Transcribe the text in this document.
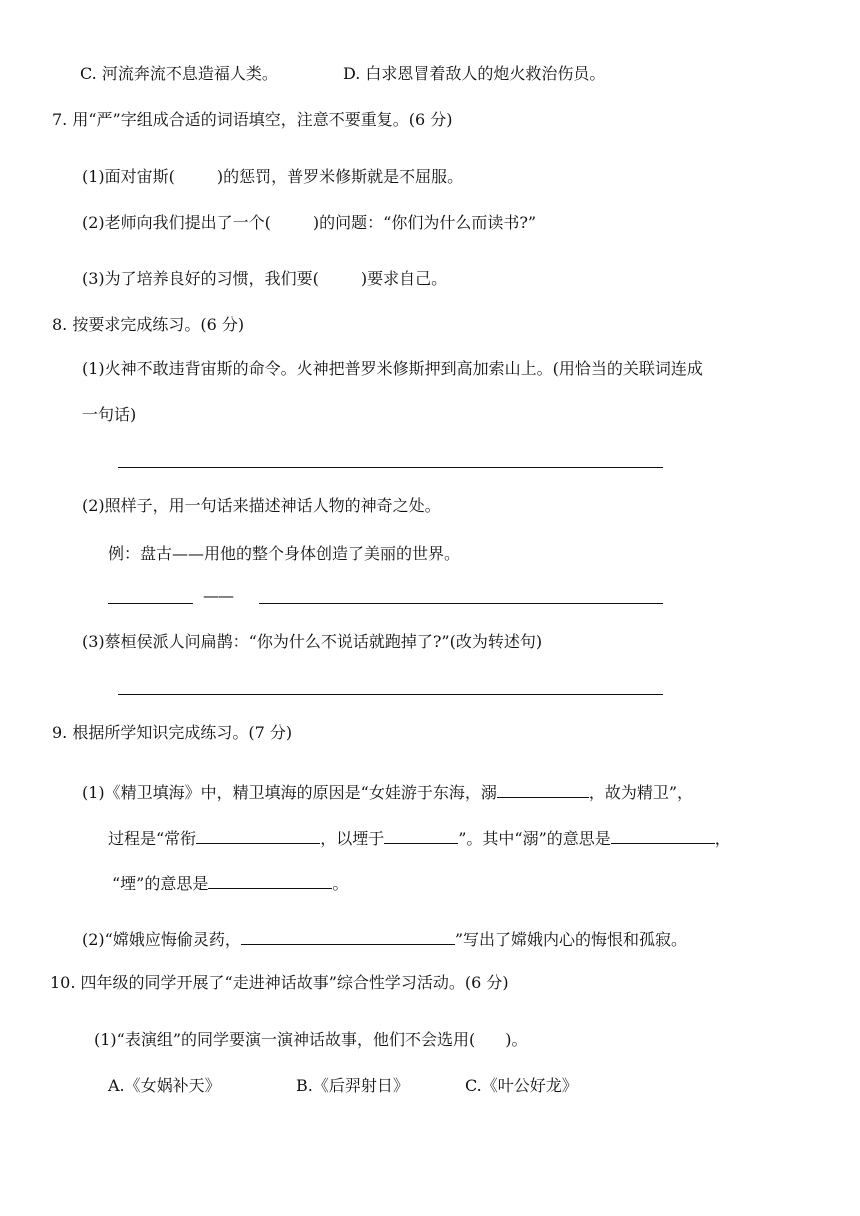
C. 河流奔流不息造福人类。	D. 白求恩冒着敌人的炮火救治伤员。
7. 用“严”字组成合适的词语填空，注意不要重复。(6 分)
(1)面对宙斯(	)的惩罚，普罗米修斯就是不屈服。
(2)老师向我们提出了一个(	)的问题：“你们为什么而读书?”
(3)为了培养良好的习惯，我们要(	)要求自己。
8. 按要求完成练习。(6 分)
(1)火神不敢违背宙斯的命令。火神把普罗米修斯押到高加索山上。(用恰当的关联词连成
一句话)
(2)照样子，用一句话来描述神话人物的神奇之处。
例：盘古——用他的整个身体创造了美丽的世界。
——
(3)蔡桓侯派人问扁鹊：“你为什么不说话就跑掉了?”(改为转述句)
9. 根据所学知识完成练习。(7 分)
(1)《精卫填海》中，精卫填海的原因是“女娃游于东海，溺	，故为精卫”，
过程是“常衔	，以堙于	”。其中“溺”的意思是	，
“堙”的意思是	。
(2)“嫦娥应悔偷灵药，	”写出了嫦娥内心的悔恨和孤寂。
10. 四年级的同学开展了“走进神话故事”综合性学习活动。(6 分)
(1)“表演组”的同学要演一演神话故事，他们不会选用( )。
A.《女娲补天》	B.《后羿射日》	C.《叶公好龙》
